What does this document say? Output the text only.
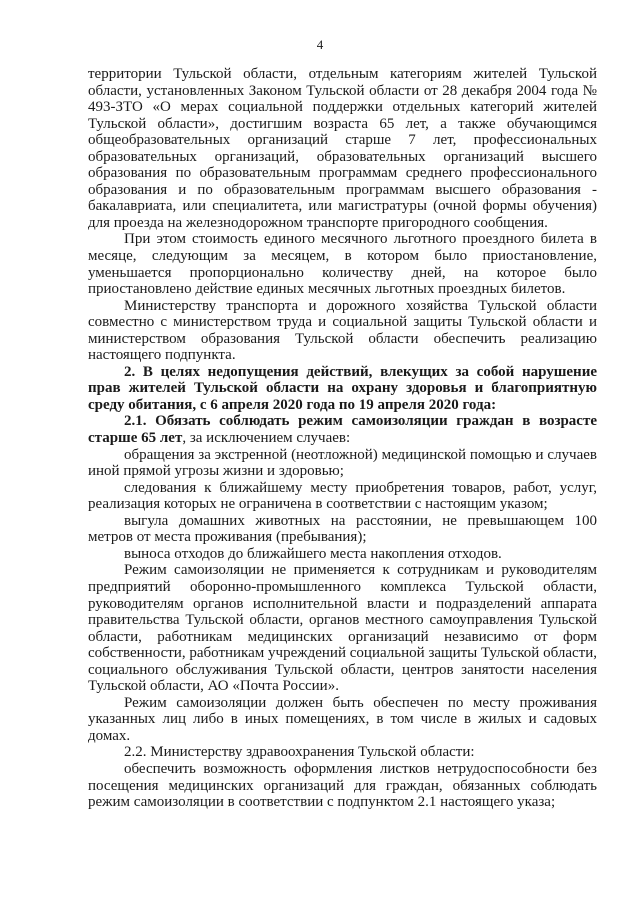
4

территории Тульской области, отдельным категориям жителей Тульской области, установленных Законом Тульской области от 28 декабря 2004 года № 493-ЗТО «О мерах социальной поддержки отдельных категорий жителей Тульской области», достигшим возраста 65 лет, а также обучающимся общеобразовательных организаций старше 7 лет, профессиональных образовательных организаций, образовательных организаций высшего образования по образовательным программам среднего профессионального образования и по образовательным программам высшего образования - бакалавриата, или специалитета, или магистратуры (очной формы обучения) для проезда на железнодорожном транспорте пригородного сообщения.

При этом стоимость единого месячного льготного проездного билета в месяце, следующим за месяцем, в котором было приостановление, уменьшается пропорционально количеству дней, на которое было приостановлено действие единых месячных льготных проездных билетов.

Министерству транспорта и дорожного хозяйства Тульской области совместно с министерством труда и социальной защиты Тульской области и министерством образования Тульской области обеспечить реализацию настоящего подпункта.

2. В целях недопущения действий, влекущих за собой нарушение прав жителей Тульской области на охрану здоровья и благоприятную среду обитания, с 6 апреля 2020 года по 19 апреля 2020 года:

2.1. Обязать соблюдать режим самоизоляции граждан в возрасте старше 65 лет, за исключением случаев:

обращения за экстренной (неотложной) медицинской помощью и случаев иной прямой угрозы жизни и здоровью;

следования к ближайшему месту приобретения товаров, работ, услуг, реализация которых не ограничена в соответствии с настоящим указом;

выгула домашних животных на расстоянии, не превышающем 100 метров от места проживания (пребывания);

выноса отходов до ближайшего места накопления отходов.

Режим самоизоляции не применяется к сотрудникам и руководителям предприятий оборонно-промышленного комплекса Тульской области, руководителям органов исполнительной власти и подразделений аппарата правительства Тульской области, органов местного самоуправления Тульской области, работникам медицинских организаций независимо от форм собственности, работникам учреждений социальной защиты Тульской области, социального обслуживания Тульской области, центров занятости населения Тульской области, АО «Почта России».

Режим самоизоляции должен быть обеспечен по месту проживания указанных лиц либо в иных помещениях, в том числе в жилых и садовых домах.

2.2. Министерству здравоохранения Тульской области:

обеспечить возможность оформления листков нетрудоспособности без посещения медицинских организаций для граждан, обязанных соблюдать режим самоизоляции в соответствии с подпунктом 2.1 настоящего указа;
